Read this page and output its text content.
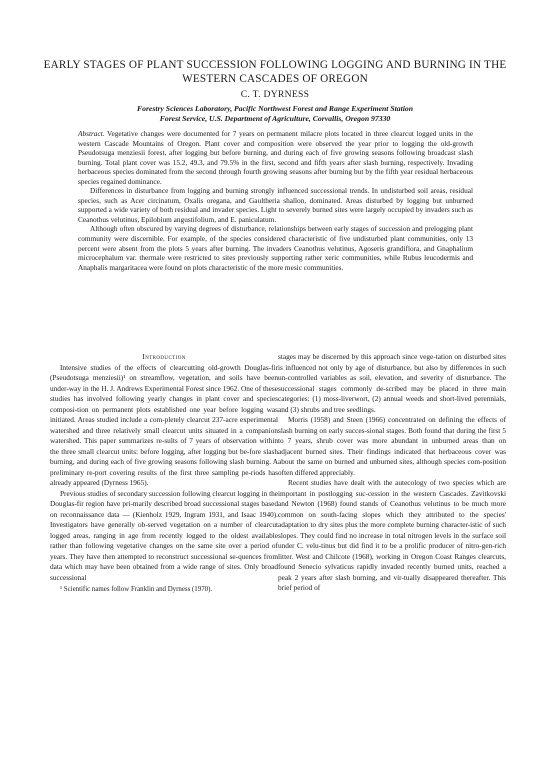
EARLY STAGES OF PLANT SUCCESSION FOLLOWING LOGGING AND BURNING IN THE WESTERN CASCADES OF OREGON
C. T. DYRNESS
Forestry Sciences Laboratory, Pacific Northwest Forest and Range Experiment Station
Forest Service, U.S. Department of Agriculture, Corvallis, Oregon 97330

Abstract. Vegetative changes were documented for 7 years on permanent milacre plots located in three clearcut logged units in the western Cascade Mountains of Oregon. Plant cover and composition were observed the year prior to logging the old-growth Pseudotsuga menziesii forest, after logging but before burning, and during each of five growing seasons following broadcast slash burning. Total plant cover was 15.2, 49.3, and 79.5% in the first, second and fifth years after slash burning, respectively. Invading herbaceous species dominated from the second through fourth growing seasons after burning but by the fifth year residual herbaceous species regained dominance.

Differences in disturbance from logging and burning strongly influenced successional trends. In undisturbed soil areas, residual species, such as Acer circinatum, Oxalis oregana, and Gaultheria shallon, dominated. Areas disturbed by logging but unburned supported a wide variety of both residual and invader species. Light to severely burned sites were largely occupied by invaders such as Ceanothus velutinus, Epilobium angustifolium, and E. paniculatum.

Although often obscured by varying degrees of disturbance, relationships between early stages of succession and prelogging plant community were discernible. For example, of the species considered characteristic of five undisturbed plant communities, only 13 percent were absent from the plots 5 years after burning. The invaders Ceanothus velutinus, Agoseris grandiflora, and Gnaphalium microcephalum var. thermale were restricted to sites previously supporting rather xeric communities, while Rubus leucodermis and Anaphalis margaritacea were found on plots characteristic of the more mesic communities.

Introduction

Intensive studies of the effects of clearcutting old-growth Douglas-fir (Pseudotsuga menziesii)¹ on streamflow, vegetation, and soils have been under-way in the H. J. Andrews Experimental Forest since 1962. One of these studies has involved following yearly changes in plant cover and species composi-tion on permanent plots established one year before logging was initiated. Areas studied include a com-pletely clearcut 237-acre experimental watershed and three relatively small clearcut units situated in a companion watershed. This paper summarizes re-sults of 7 years of observation within the three small clearcut units: before logging, after logging but be-fore slash burning, and during each of five growing seasons following slash burning. A preliminary re-port covering results of the first three sampling pe-riods has already appeared (Dyrness 1965).

Previous studies of secondary succession following clearcut logging in the Douglas-fir region have pri-marily described broad successional stages based on reconnaissance data — (Kienholz 1929, Ingram 1931, and Isaac 1940). Investigators have generally ob-served vegetation on a number of clearcut logged areas, ranging in age from recently logged to the oldest available rather than following vegetative changes on the same site over a period of years. They have then attempted to reconstruct successional se-quences from data which may have been obtained from a wide range of sites. Only broad successional

¹ Scientific names follow Franklin and Dyrness (1970).

stages may be discerned by this approach since vege-tation on disturbed sites is influenced not only by age of disturbance, but also by differences in such un-controlled variables as soil, elevation, and severity of disturbance. The successional stages commonly de-scribed may be placed in three main categories: (1) moss-liverwort, (2) annual weeds and short-lived perennials, and (3) shrubs and tree seedlings.

Morris (1958) and Steen (1966) concentrated on defining the effects of slash burning on early succes-sional stages. Both found that during the first 5 to 7 years, shrub cover was more abundant in unburned areas than on adjacent burned sites. Their findings indicated that herbaceous cover was about the same on burned and unburned sites, although species com-position often differed appreciably.

Recent studies have dealt with the autecology of two species which are important in postlogging suc-cession in the western Cascades. Zavitkovski and Newton (1968) found stands of Ceanothus velutinus to be much more common on south-facing slopes which they attributed to the species' adaptation to dry sites plus the more complete burning character-istic of such slopes. They could find no increase in total nitrogen levels in the surface soil under C. velu-tinus but did find it to be a prolific producer of nitro-gen-rich litter. West and Chilcote (1968), working in Oregon Coast Ranges clearcuts, found Senecio sylvaticus rapidly invaded recently burned units, reached a peak 2 years after slash burning, and vir-tually disappeared thereafter. This brief period of
